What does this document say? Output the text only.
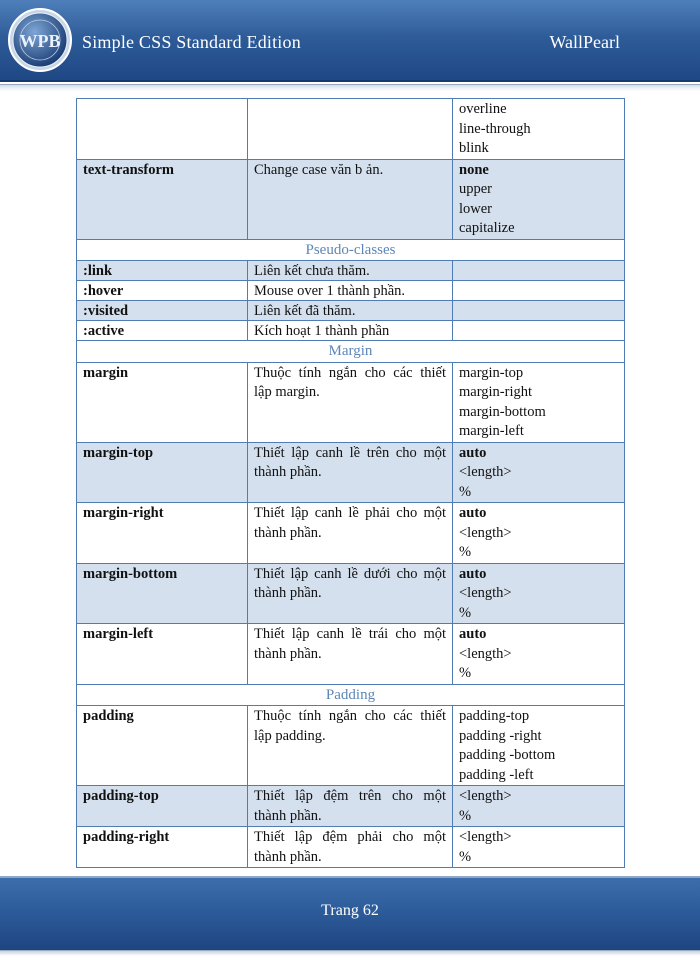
WPB Simple CSS Standard Edition	WallPearl

		overline
line-through
blink

text-transform	Change case văn b ản.	none
upper
lower
capitalize

Pseudo-classes		
:link	Liên kết chưa thăm.	
:hover	Mouse over 1 thành phần.	
:visited	Liên kết đã thăm.	
:active	Kích hoạt 1 thành phần	
Margin		
margin	Thuộc tính ngắn cho các thiết lập margin.	margin-top
margin-right
margin-bottom
margin-left

margin-top	Thiết lập canh lề trên cho một thành phần.	auto
<length>
%

margin-right	Thiết lập canh lề phải cho một thành phần.	auto
<length>
%

margin-bottom	Thiết lập canh lề dưới cho một thành phần.	auto
<length>
%

margin-left	Thiết lập canh lề trái cho một thành phần.	auto
<length>
%

Padding		
padding	Thuộc tính ngắn cho các thiết lập padding.	padding-top
padding -right
padding -bottom
padding -left

padding-top	Thiết lập đệm trên cho một thành phần.	<length>
%

padding-right	Thiết lập đệm phải cho một thành phần.	<length>
%
Trang 62
